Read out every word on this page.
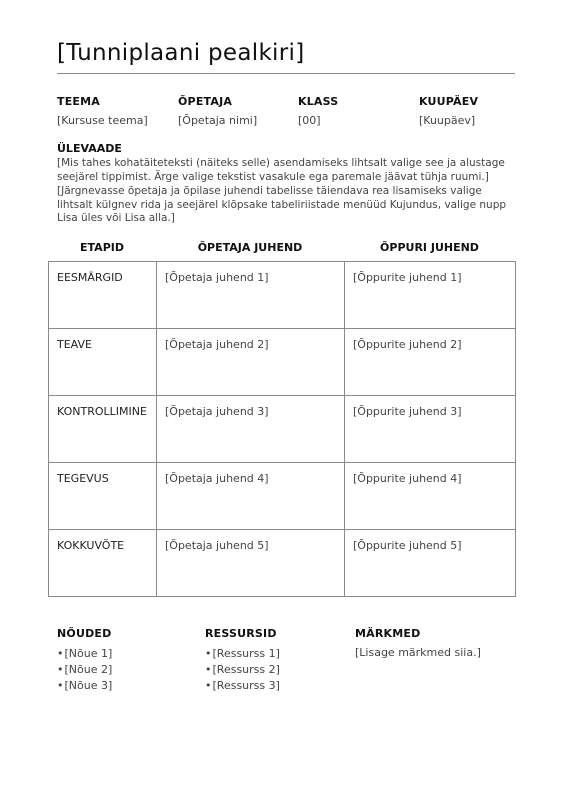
[Tunniplaani pealkiri]
TEEMA
[Kursuse teema]
ÕPETAJA
[Õpetaja nimi]
KLASS
[00]
KUUPÄEV
[Kuupäev]
ÜLEVAADE
[Mis tahes kohatäiteteksti (näiteks selle) asendamiseks lihtsalt valige see ja alustage seejärel tippimist. Ärge valige tekstist vasakule ega paremale jäävat tühja ruumi.]
[Järgnevasse õpetaja ja õpilase juhendi tabelisse täiendava rea lisamiseks valige lihtsalt külgnev rida ja seejärel klõpsake tabeliriistade menüüd Kujundus, valige nupp Lisa üles või Lisa alla.]
ETAPID	ÕPETAJA JUHEND	ÕPPURI JUHEND
EESMÄRGID	[Õpetaja juhend 1]	[Õppurite juhend 1]
TEAVE	[Õpetaja juhend 2]	[Õppurite juhend 2]
KONTROLLIMINE	[Õpetaja juhend 3]	[Õppurite juhend 3]
TEGEVUS	[Õpetaja juhend 4]	[Õppurite juhend 4]
KOKKUVÕTE	[Õpetaja juhend 5]	[Õppurite juhend 5]
NÕUDED
•[Nõue 1]
•[Nõue 2]
•[Nõue 3]
RESSURSID
•[Ressurss 1]
•[Ressurss 2]
•[Ressurss 3]
MÄRKMED
[Lisage märkmed siia.]
